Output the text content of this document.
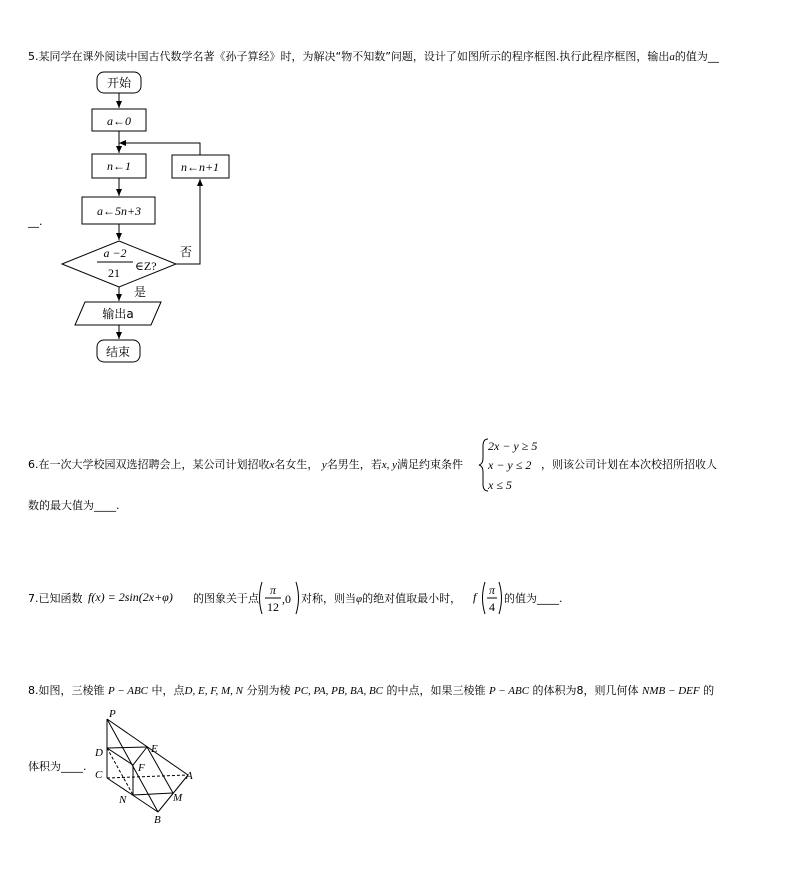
5.某同学在课外阅读中国古代数学名著《孙子算经》时，为解决“物不知数”问题，设计了如图所示的程序框图.执行此程序框图，输出a的值为__
__.
开始
a←0
n←1
a←5n+3
a −2
21 ∈Z?
否
是
n←n+1
输出a
结束
6.在一次大学校园双选招聘会上，某公司计划招收x名女生， y名男生，若x, y满足约束条件
2x − y ≥ 5
x − y ≤ 2
x ≤ 5
，则该公司计划在本次校招所招收人
数的最大值为____.
7.已知函数 f(x) = 2sin(2x+φ) 的图象关于点
π
12
,0 对称，则当φ的绝对值取最小时， f π
4
的值为____.
8.如图，三棱锥 P − ABC 中，点D, E, F, M, N 分别为棱 PC, PA, PB, BA, BC 的中点，如果三棱锥 P − ABC 的体积为8，则几何体 NMB − DEF 的
体积为____.
P
D	E
F
C	A
N	M
B
